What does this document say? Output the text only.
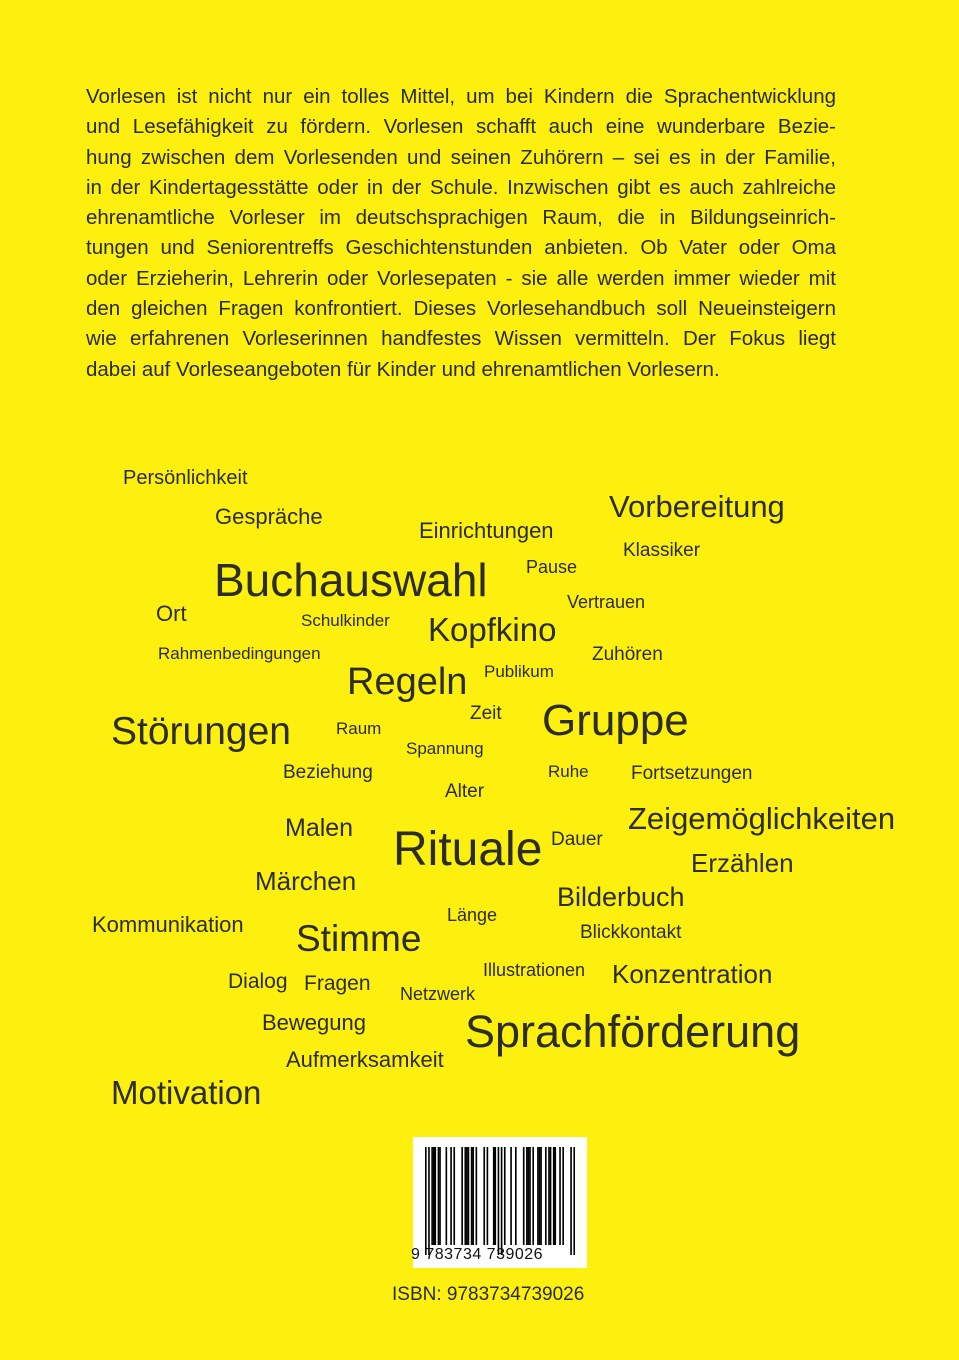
Vorlesen ist nicht nur ein tolles Mittel, um bei Kindern die Sprachentwicklung
und Lesefähigkeit zu fördern. Vorlesen schafft auch eine wunderbare Bezie-
hung zwischen dem Vorlesenden und seinen Zuhörern – sei es in der Familie,
in der Kindertagesstätte oder in der Schule. Inzwischen gibt es auch zahlreiche
ehrenamtliche Vorleser im deutschsprachigen Raum, die in Bildungseinrich-
tungen und Seniorentreffs Geschichtenstunden anbieten. Ob Vater oder Oma
oder Erzieherin, Lehrerin oder Vorlesepaten - sie alle werden immer wieder mit
den gleichen Fragen konfrontiert. Dieses Vorlesehandbuch soll Neueinsteigern
wie erfahrenen Vorleserinnen handfestes Wissen vermitteln. Der Fokus liegt
dabei auf Vorleseangeboten für Kinder und ehrenamtlichen Vorlesern.
Persönlichkeit
Gespräche
Einrichtungen
Vorbereitung
Klassiker
Buchauswahl Pause
Ort	Schulkinder
Vertrauen
Kopfkino
Rahmenbedingungen	Zuhören
Publikum
Regeln
Zeit Gruppe
Störungen	Raum
Spannung
Beziehung	Ruhe Fortsetzungen
Alter
Zeigemöglichkeiten
Malen	Dauer
Rituale	Erzählen
Märchen
Bilderbuch
Länge
Kommunikation	Blickkontakt
Stimme
Illustrationen Konzentration
Dialog Fragen Netzwerk
Bewegung Sprachförderung
Aufmerksamkeit
Motivation
9 783734 739026
ISBN: 9783734739026
